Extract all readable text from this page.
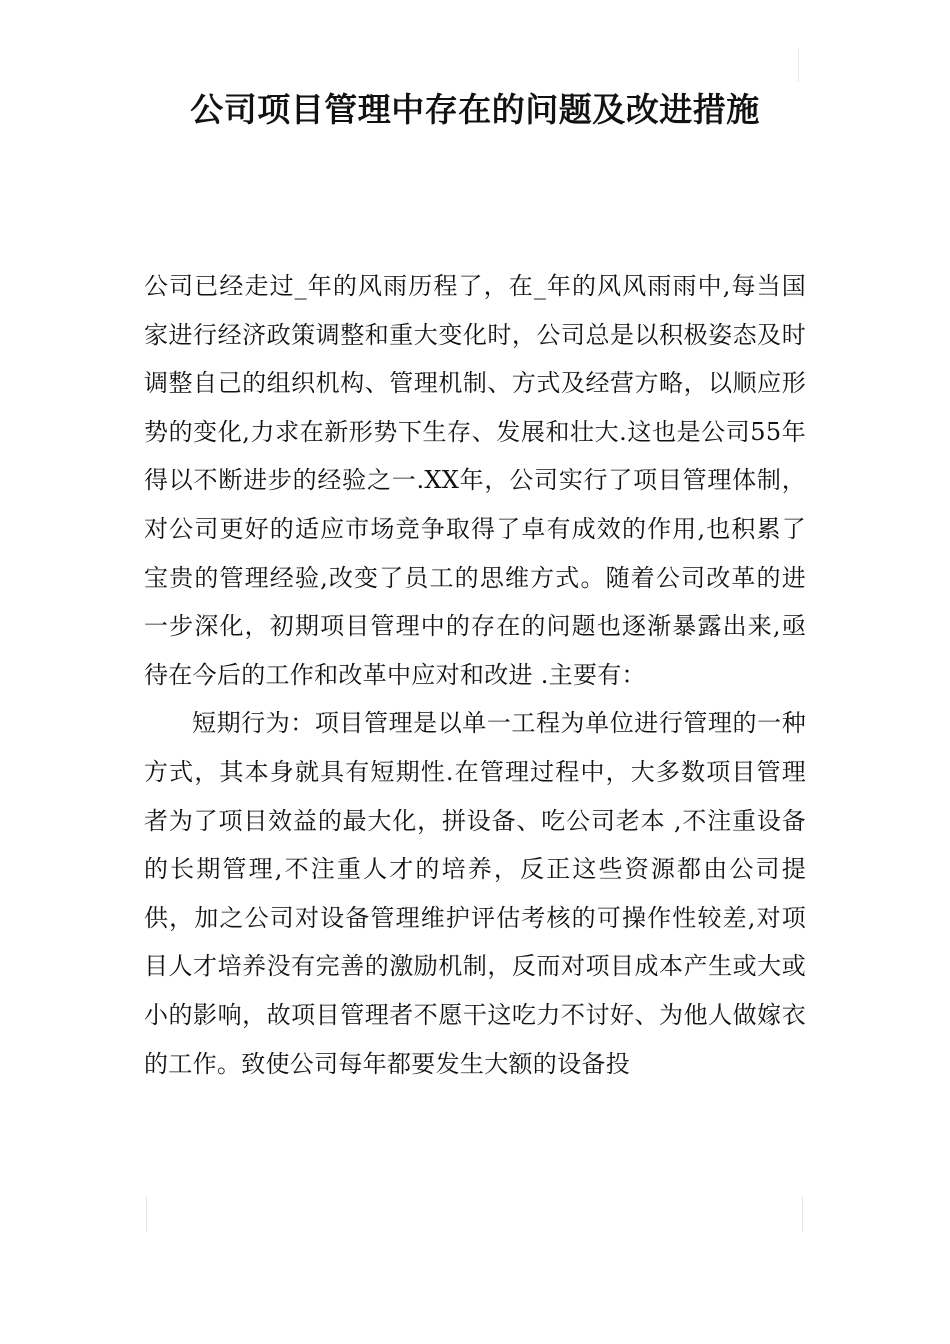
公司项目管理中存在的问题及改进措施

公司已经走过_年的风雨历程了，在_年的风风雨雨中,每当国家进行经济政策调整和重大变化时，公司总是以积极姿态及时调整自己的组织机构、管理机制、方式及经营方略，以顺应形势的变化,力求在新形势下生存、发展和壮大.这也是公司55年得以不断进步的经验之一.XX年，公司实行了项目管理体制，对公司更好的适应市场竞争取得了卓有成效的作用,也积累了宝贵的管理经验,改变了员工的思维方式。随着公司改革的进一步深化，初期项目管理中的存在的问题也逐渐暴露出来,亟待在今后的工作和改革中应对和改进 .主要有：

短期行为：项目管理是以单一工程为单位进行管理的一种方式，其本身就具有短期性.在管理过程中，大多数项目管理者为了项目效益的最大化，拼设备、吃公司老本 ,不注重设备的长期管理,不注重人才的培养，反正这些资源都由公司提供，加之公司对设备管理维护评估考核的可操作性较差,对项目人才培养没有完善的激励机制，反而对项目成本产生或大或小的影响，故项目管理者不愿干这吃力不讨好、为他人做嫁衣的工作。致使公司每年都要发生大额的设备投
